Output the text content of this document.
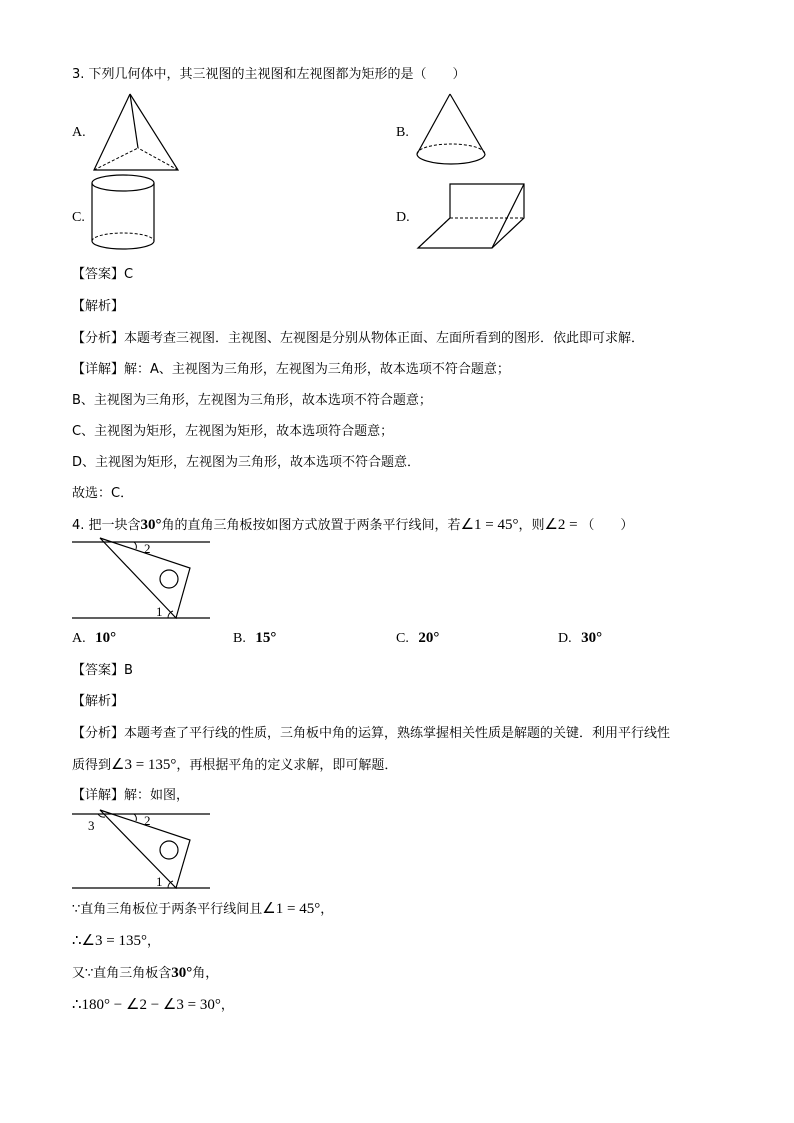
3. 下列几何体中，其三视图的主视图和左视图都为矩形的是（　　）
A.	B.
C.	D.
【答案】C
【解析】
【分析】本题考查三视图．主视图、左视图是分别从物体正面、左面所看到的图形．依此即可求解．
【详解】解：A、主视图为三角形，左视图为三角形，故本选项不符合题意；
B、主视图为三角形，左视图为三角形，故本选项不符合题意；
C、主视图为矩形，左视图为矩形，故本选项符合题意；
D、主视图为矩形，左视图为三角形，故本选项不符合题意．
故选：C．
4. 把一块含30°角的直角三角板按如图方式放置于两条平行线间，若∠1 = 45°，则∠2 = （　　）
2
1
A. 10°	B. 15°	C. 20°	D. 30°
【答案】B
【解析】
【分析】本题考查了平行线的性质，三角板中角的运算，熟练掌握相关性质是解题的关键．利用平行线性
质得到∠3 = 135°，再根据平角的定义求解，即可解题．
【详解】解：如图，
2
1
3
∵直角三角板位于两条平行线间且∠1 = 45°，
∴∠3 = 135°，
又∵直角三角板含30°角，
∴180° − ∠2 − ∠3 = 30°，
